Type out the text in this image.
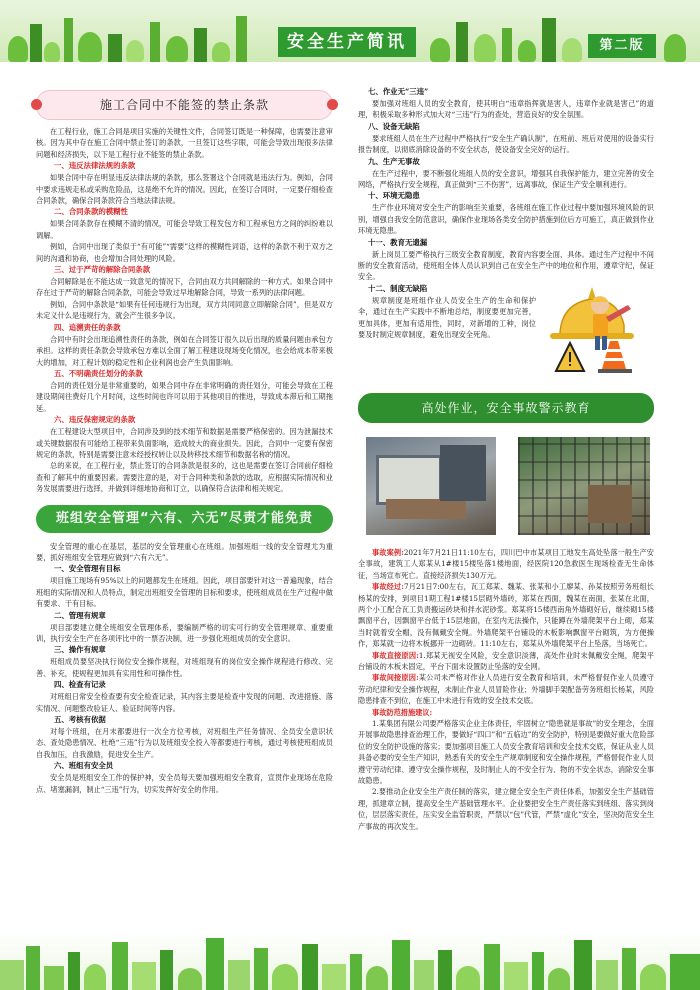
安全生产简讯	第二版
施工合同中不能签的禁止条款

在工程行业，施工合同是项目实施的关键性文件，合同签订既是一种保障，也需要注意审核。因为其中存在施工合同中禁止签订的条款，一旦签订这些字眼，可能会导致出现很多法律问题和经济损失，以下是工程行业不能签的禁止条款。

一、违反法律法规的条款

如果合同中存在明显违反法律法规的条款，那么签署这个合同就是违法行为。例如，合同中要求违规走私或采购危险品，这是绝不允许的情况。因此，在签订合同时，一定要仔细检查合同条款，确保合同条款符合当地法律法规。

二、合同条款的模糊性

如果合同条款存在模糊不清的情况，可能会导致工程发包方和工程承包方之间的纠纷难以调解。

例如，合同中出现了类似于“有可能”“需要”这样的模糊性词语，这样的条款不利于双方之间的沟通和协商，也会增加合同处理的风险。

三、过于严苛的解除合同条款

合同解除是在不能达成一致意见的情况下，合同由双方共同解除的一种方式。如果合同中存在过于严苛的解除合同条款，可能会导致过早地解除合同，导致一系列的法律问题。

例如，合同中条款是“如果有任何违规行为出现，双方共同同意立即解除合同”，但是双方未定义什么是违规行为，就会产生很多争议。

四、追溯责任的条款

合同中有时会出现追溯性责任的条款，例如在合同签订很久以后出现的质量问题由承包方承担。这样的责任条款会导致承包方难以全面了解工程建设现场变化情况，也会给成本带来极大的增加，对工程计划的稳定性和企业利润也会产生负面影响。

五、不明确责任划分的条款

合同的责任划分是非常重要的，如果合同中存在非常明确的责任划分，可能会导致在工程建设期间往费好几个月时间，这些时间也许可以用于其他项目的推进，导致成本滞后和工期拖延。

六、违反保密规定的条款

在工程建设大型项目中，合同涉及到的技术细节和数据是需要严格保密的。因为泄漏技术或关键数据很有可能给工程带来负面影响，造成较大的商业损失。因此，合同中一定要有保密规定的条款，特别是需要注意未经授权转让以及转移技术细节和数据名称的情况。

总的来说，在工程行业，禁止签订的合同条款是很多的，这也是需要在签订合同前仔细检查和了解其中的重要因素。需要注意的是，对于合同种类和条款的选取，应根据实际情况和业务发展需要进行选择，并做到详细地协商和订立，以确保符合法律和相关规定。

班组安全管理“六有、六无”尽责才能免责

安全管理的重心在基层，基层的安全管理重心在班组。加强班组一线的安全管理尤为重要，抓好班组安全管理应做到“六有六无”。

一、安全管理有目标

项目施工现场有95%以上的问题都发生在班组。因此，项目部要针对这一普遍现象，结合班组的实际情况和人员特点，制定出班组安全管理的目标和要求，使班组成员在生产过程中做有要求、干有目标。

二、管理有规章

项目部要建立健全班组安全管理体系，要编制严格的切实可行的安全管理规章、重要重训，执行安全生产在各项评比中的一票否决制，进一步强化班组成员的安全意识。

三、操作有规章

班组成员要坚决执行岗位安全操作规程，对班组现有的岗位安全操作规程进行修改、完善、补充，使规程更加具有实用性和可操作性。

四、检查有记录

对班组日常安全检查要有安全检查记录，其内容主要是检查中发现的问题、改进措施、落实情况、问题整改验证人、验证时间等内容。

五、考核有依据

对每个班组，在月末都要进行一次全方位考核，对班组生产任务情况、全员安全意识状态、查处隐患情况、杜绝“三违”行为以及班组安全投入等都要进行考核，通过考核使班组成员自我加压，自我激励，促进安全生产。

六、班组有安全员

安全员是班组安全工作的保护神，安全员每天要加强班组安全教育，宣贯作业现场在危险点、堵塞漏洞，制止“三违”行为，切实发挥好安全的作用。

七、作业无“三违”

要加强对班组人员的安全教育，使其明白“违章指挥就是害人，违章作业就是害己”的道理，积极采取多种形式加大对“三违”行为的查处，营造良好的安全氛围。

八、设备无缺陷

要求班组人员在生产过程中严格执行“安全生产确认制”，在班前、班后对使用的设备实行报告制度，以彻底消除设备的不安全状态，使设备安全完好的运行。

九、生产无事故

在生产过程中，要不断强化班组人员的安全意识，增强其自我保护能力，建立完善的安全网络，严格执行安全规程，真正做到“三不伤害”，远离事故，保证生产安全顺利进行。

十、环境无隐患

生产作业环境对安全生产的影响至关重要，各班组在施工作业过程中要加强环境风险的识别，增强自我安全防范意识，确保作业现场各类安全防护措施到位后方可施工，真正做到作业环境无隐患。

十一、教育无遗漏

新上岗员工要严格执行三级安全教育制度，教育内容要全面、具体。通过生产过程中不间断的安全教育活动，使班组全体人员认识到自己在安全生产中的地位和作用，遵章守纪，保证安全。

十二、制度无缺陷

规章制度是班组作业人员安全生产的生命和保护伞，通过在生产实践中不断地总结，制度要更加完善，更加具体，更加有适用性，同时，对新增的工种，岗位要及时制定规章制度，避免出现安全死角。

高处作业，安全事故警示教育

事故案例:2021年7月21日11:10左右，四川巴中市某项目工地发生高处坠落一般生产安全事故，建筑工人郑某从1#楼15楼坠落1楼地面，经医院120急救医生现场检查无生命体征，当场宣布死亡。直接经济损失130万元。

事故经过:7月21日7:00左右，瓦工郑某、魏某、张某和小工廖某、孙某按照劳务班组长杨某的安排，到项目1期工程1#楼15层砌外墙砖，郑某在西面，魏某在南面，张某在北面，两个小工配合瓦工负责搬运砖块和拌水泥砂浆。郑某将15楼西南角外墙砌好后，继续砌15楼飘窗平台，因飘窗平台低于15层地面，在室内无法操作，只能蹲在外墙爬架平台上砌，郑某当时就着安全帽，没有佩戴安全绳。外墙爬架平台铺设的木板影响飘窗平台砌筑，为方便操作，郑某就一边将木板挪开一边砌砖。11:10左右，郑某从外墙爬架平台上坠落，当场死亡。

事故直接原因:1.郑某无视安全风险，安全意识淡薄，高处作业时未佩戴安全绳，爬架平台铺设的木板未固定，平台下面未设置防止坠落的安全网。

事故间接原因:某公司未严格对作业人员进行安全教育和培训，未严格督促作业人员遵守劳动纪律和安全操作规程，未制止作业人员冒险作业；外墙脚手架配备劳务班组长杨某，风险隐患排查不到位，在施工中未进行有效的安全技术交底。

事故防范措施建议:

1.某集团有限公司要严格落实企业主体责任，牢固树立“隐患就是事故”的安全理念，全面开展事故隐患排查治理工作，要做好“四口”和“五临边”的安全防护，特别是要做好重大危险部位的安全防护设施的落实；要加强项目施工人员安全教育培训和安全技术交底，保证从业人员具备必要的安全生产知识，熟悉有关的安全生产规章制度和安全操作规程，严格督促作业人员遵守劳动纪律、遵守安全操作规程，及时制止人的不安全行为、物的不安全状态，消除安全事故隐患。

2.要推动企业安全生产责任制的落实，建立健全安全生产责任体系，加强安全生产基础管理，抓建章立制，提高安全生产基础管理水平。企业要把安全生产责任落实到班组、落实到岗位，层层落实责任，压实安全监管职责，严禁以“包”代管，严禁“虚化”安全，坚决防范安全生产事故的再次发生。
